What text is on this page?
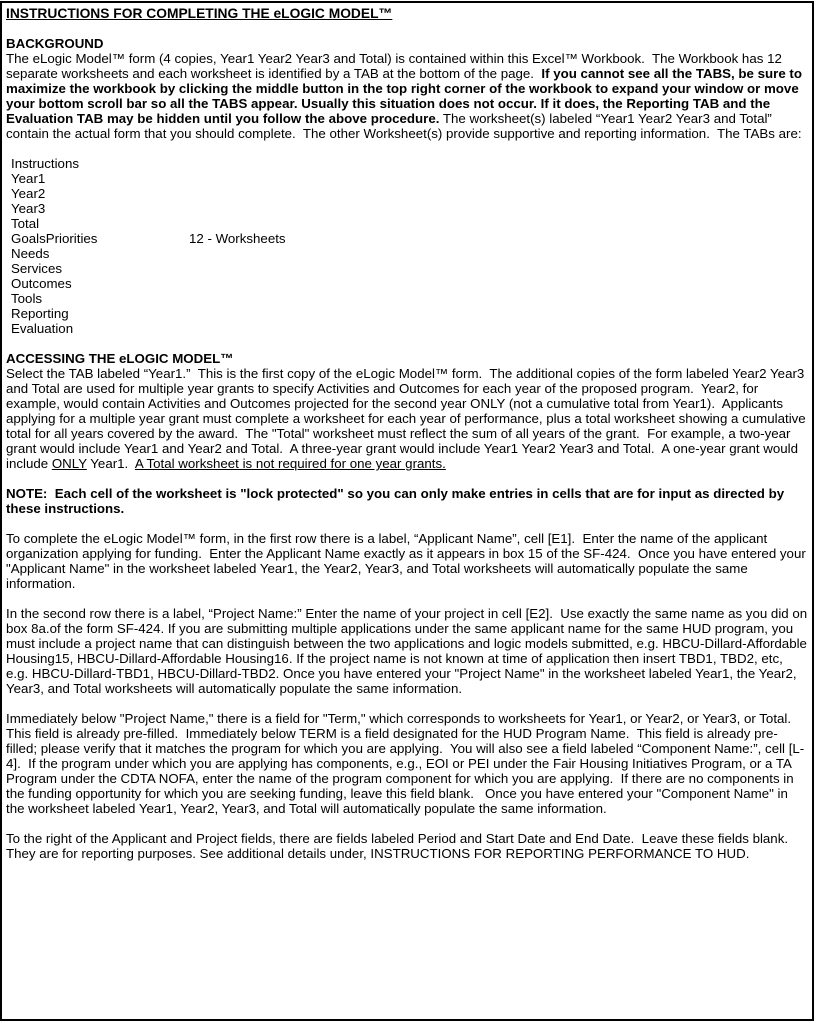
INSTRUCTIONS FOR COMPLETING THE eLOGIC MODEL™
BACKGROUND

The eLogic Model™ form (4 copies, Year1 Year2 Year3 and Total) is contained within this Excel™ Workbook.  The Workbook has 12 separate worksheets and each worksheet is identified by a TAB at the bottom of the page.  If you cannot see all the TABS, be sure to maximize the workbook by clicking the middle button in the top right corner of the workbook to expand your window or move your bottom scroll bar so all the TABS appear. Usually this situation does not occur. If it does, the Reporting TAB and the Evaluation TAB may be hidden until you follow the above procedure. The worksheet(s) labeled “Year1 Year2 Year3 and Total” contain the actual form that you should complete.  The other Worksheet(s) provide supportive and reporting information.  The TABs are:

Instructions
Year1
Year2
Year3
Total
GoalsPriorities	12 - Worksheets
Needs
Services
Outcomes
Tools
Reporting
Evaluation
ACCESSING THE eLOGIC MODEL™

Select the TAB labeled “Year1.”  This is the first copy of the eLogic Model™ form.  The additional copies of the form labeled Year2 Year3 and Total are used for multiple year grants to specify Activities and Outcomes for each year of the proposed program.  Year2, for example, would contain Activities and Outcomes projected for the second year ONLY (not a cumulative total from Year1).  Applicants applying for a multiple year grant must complete a worksheet for each year of performance, plus a total worksheet showing a cumulative total for all years covered by the award.  The "Total" worksheet must reflect the sum of all years of the grant.  For example, a two-year grant would include Year1 and Year2 and Total.  A three-year grant would include Year1 Year2 Year3 and Total.  A one-year grant would include ONLY Year1.  A Total worksheet is not required for one year grants.

NOTE:  Each cell of the worksheet is "lock protected" so you can only make entries in cells that are for input as directed by these instructions.

To complete the eLogic Model™ form, in the first row there is a label, “Applicant Name”, cell [E1].  Enter the name of the applicant organization applying for funding.  Enter the Applicant Name exactly as it appears in box 15 of the SF-424.  Once you have entered your "Applicant Name" in the worksheet labeled Year1, the Year2, Year3, and Total worksheets will automatically populate the same information.

In the second row there is a label, “Project Name:” Enter the name of your project in cell [E2].  Use exactly the same name as you did on box 8a.of the form SF-424. If you are submitting multiple applications under the same applicant name for the same HUD program, you must include a project name that can distinguish between the two applications and logic models submitted, e.g. HBCU-Dillard-Affordable Housing15, HBCU-Dillard-Affordable Housing16. If the project name is not known at time of application then insert TBD1, TBD2, etc, e.g. HBCU-Dillard-TBD1, HBCU-Dillard-TBD2. Once you have entered your "Project Name" in the worksheet labeled Year1, the Year2, Year3, and Total worksheets will automatically populate the same information.

Immediately below "Project Name," there is a field for "Term," which corresponds to worksheets for Year1, or Year2, or Year3, or Total.  This field is already pre-filled.  Immediately below TERM is a field designated for the HUD Program Name.  This field is already pre-filled; please verify that it matches the program for which you are applying.  You will also see a field labeled “Component Name:”, cell [L-4].  If the program under which you are applying has components, e.g., EOI or PEI under the Fair Housing Initiatives Program, or a TA Program under the CDTA NOFA, enter the name of the program component for which you are applying.  If there are no components in the funding opportunity for which you are seeking funding, leave this field blank.   Once you have entered your "Component Name" in the worksheet labeled Year1, Year2, Year3, and Total will automatically populate the same information.

To the right of the Applicant and Project fields, there are fields labeled Period and Start Date and End Date.  Leave these fields blank.  They are for reporting purposes. See additional details under, INSTRUCTIONS FOR REPORTING PERFORMANCE TO HUD.
